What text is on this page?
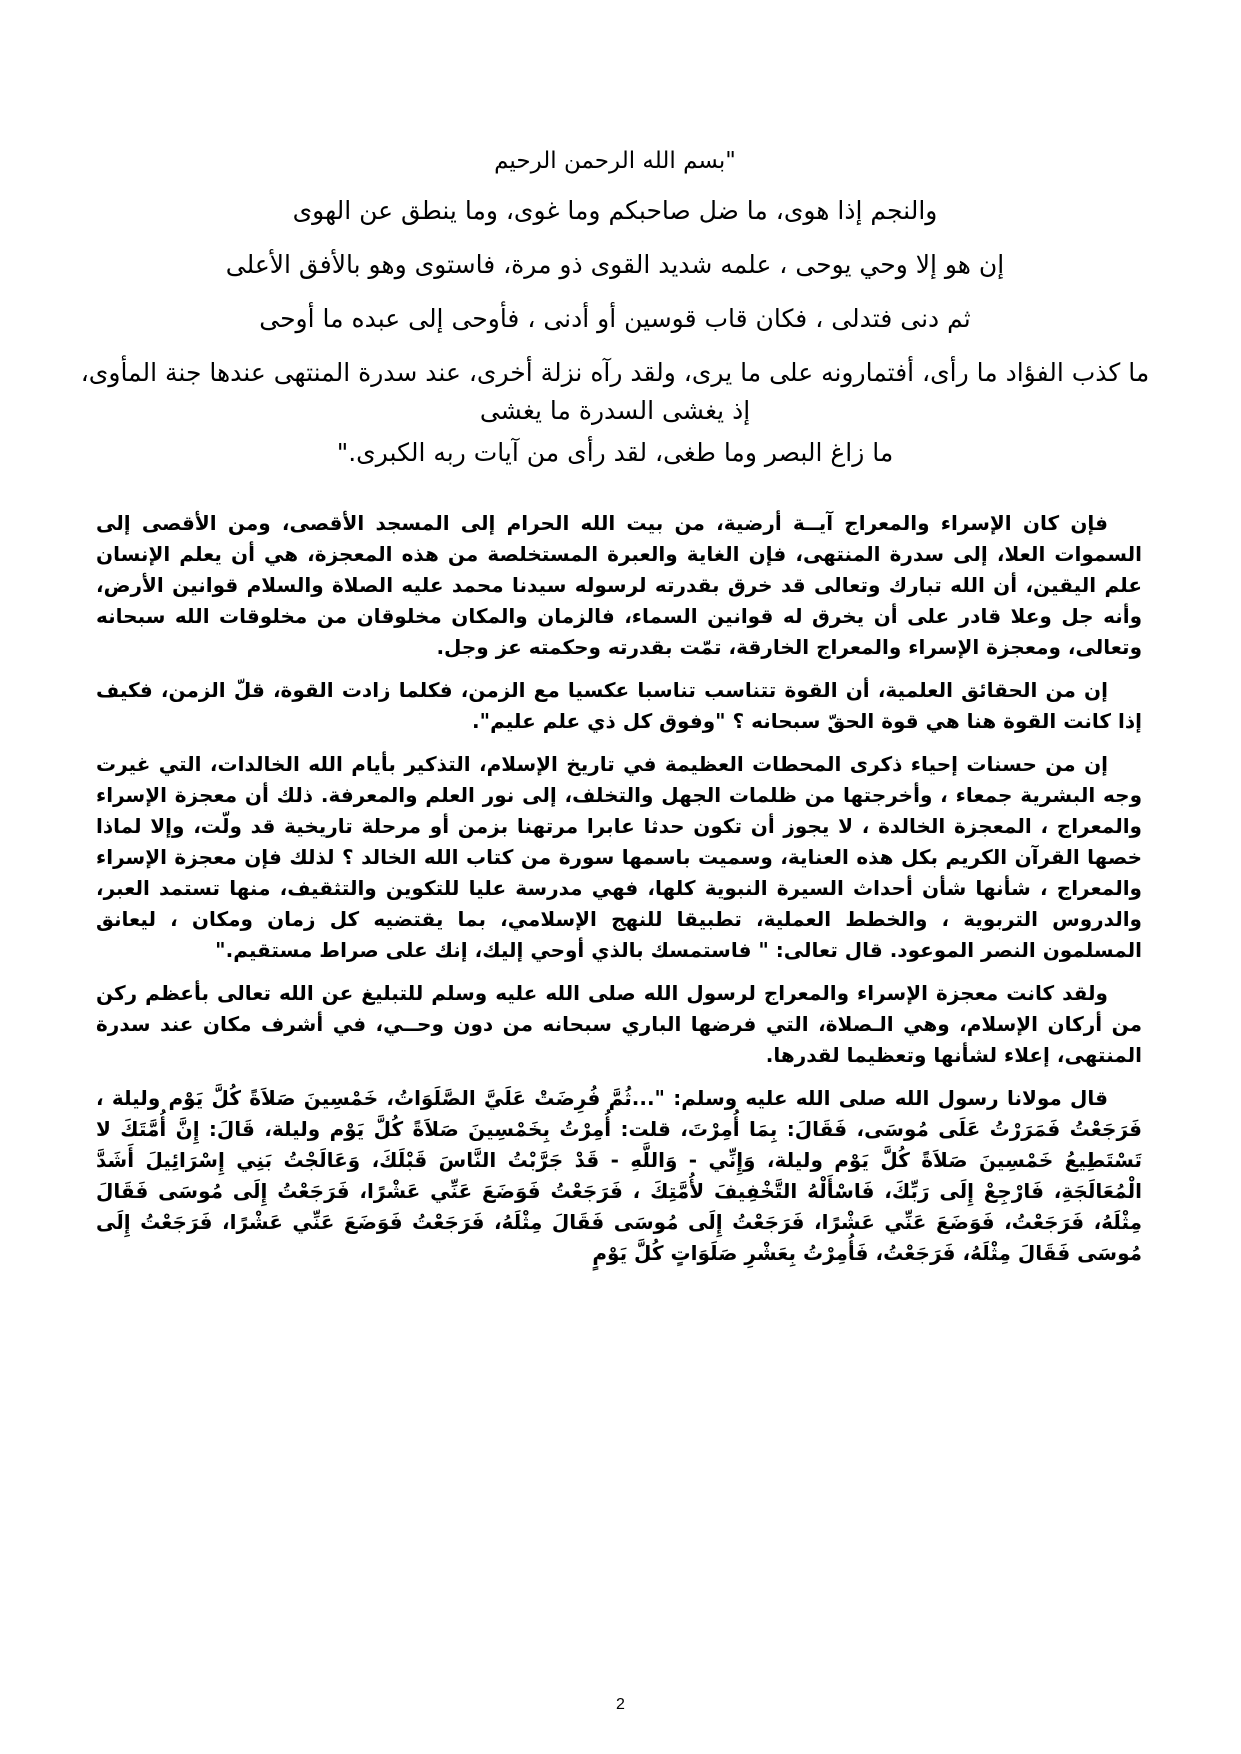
"بسم الله الرحمن الرحيم

والنجم إذا هوى، ما ضل صاحبكم وما غوى، وما ينطق عن الهوى

إن هو إلا وحي يوحى ، علمه شديد القوى ذو مرة، فاستوى وهو بالأفق الأعلى

ثم دنى فتدلى ، فكان قاب قوسين أو أدنى ، فأوحى إلى عبده ما أوحى

ما كذب الفؤاد ما رأى، أفتمارونه على ما يرى، ولقد رآه نزلة أخرى، عند سدرة المنتهى عندها جنة المأوى، إذ يغشى السدرة ما يغشى

ما زاغ البصر وما طغى، لقد رأى من آيات ربه الكبرى."

فإن كان الإسراء والمعراج آيــة أرضية، من بيت الله الحرام إلى المسجد الأقصى، ومن الأقصى إلى السموات العلا، إلى سدرة المنتهى، فإن الغاية والعبرة المستخلصة من هذه المعجزة، هي أن يعلم الإنسان علم اليقين، أن الله تبارك وتعالى قد خرق بقدرته لرسوله سيدنا محمد عليه الصلاة والسلام قوانين الأرض، وأنه جل وعلا قادر على أن يخرق له قوانين السماء، فالزمان والمكان مخلوقان من مخلوقات الله سبحانه وتعالى، ومعجزة الإسراء والمعراج الخارقة، تمّت بقدرته وحكمته عز وجل.

إن من الحقائق العلمية، أن القوة تتناسب تناسبا عكسيا مع الزمن، فكلما زادت القوة، قلّ الزمن، فكيف إذا كانت القوة هنا هي قوة الحقّ سبحانه ؟ "وفوق كل ذي علم عليم".

إن من حسنات إحياء ذكرى المحطات العظيمة في تاريخ الإسلام، التذكير بأيام الله الخالدات، التي غيرت وجه البشرية جمعاء ، وأخرجتها من ظلمات الجهل والتخلف، إلى نور العلم والمعرفة. ذلك أن معجزة الإسراء والمعراج ، المعجزة الخالدة ، لا يجوز أن تكون حدثا عابرا مرتهنا بزمن أو مرحلة تاريخية قد ولّت، وإلا لماذا خصها القرآن الكريم بكل هذه العناية، وسميت باسمها سورة من كتاب الله الخالد ؟ لذلك فإن معجزة الإسراء والمعراج ، شأنها شأن أحداث السيرة النبوية كلها، فهي مدرسة عليا للتكوين والتثقيف، منها تستمد العبر، والدروس التربوية ، والخطط العملية، تطبيقا للنهج الإسلامي، بما يقتضيه كل زمان ومكان ، ليعانق المسلمون النصر الموعود. قال تعالى: " فاستمسك بالذي أوحي إليك، إنك على صراط مستقيم."

ولقد كانت معجزة الإسراء والمعراج لرسول الله صلى الله عليه وسلم للتبليغ عن الله تعالى بأعظم ركن من أركان الإسلام، وهي الـصلاة، التي فرضها الباري سبحانه من دون وحــي، في أشرف مكان عند سدرة المنتهى، إعلاء لشأنها وتعظيما لقدرها.

قال مولانا رسول الله صلى الله عليه وسلم: "...ثُمَّ فُرِضَتْ عَلَيَّ الصَّلَوَاتُ، خَمْسِينَ صَلاَةً كُلَّ يَوْم وليلة ، فَرَجَعْتُ فَمَرَرْتُ عَلَى مُوسَى، فَقَالَ: بِمَا أُمِرْتَ، قلت: أُمِرْتُ بِخَمْسِينَ صَلاَةً كُلَّ يَوْم وليلة، قَالَ: إِنَّ أُمَّتَكَ لا تَسْتَطِيعُ خَمْسِينَ صَلاَةً كُلَّ يَوْم وليلة، وَإِنِّي - وَاللَّهِ - قَدْ جَرَّبْتُ النَّاسَ قَبْلَكَ، وَعَالَجْتُ بَنِي إِسْرَائِيلَ أَشَدَّ الْمُعَالَجَةِ، فَارْجِعْ إِلَى رَبِّكَ، فَاسْأَلْهُ التَّخْفِيفَ لأُمَّتِكَ ، فَرَجَعْتُ فَوَضَعَ عَنِّي عَشْرًا، فَرَجَعْتُ إِلَى مُوسَى فَقَالَ مِثْلَهُ، فَرَجَعْتُ، فَوَضَعَ عَنِّي عَشْرًا، فَرَجَعْتُ إِلَى مُوسَى فَقَالَ مِثْلَهُ، فَرَجَعْتُ فَوَضَعَ عَنِّي عَشْرًا، فَرَجَعْتُ إِلَى مُوسَى فَقَالَ مِثْلَهُ، فَرَجَعْتُ، فَأُمِرْتُ بِعَشْرِ صَلَوَاتٍ كُلَّ يَوْمٍ

2
